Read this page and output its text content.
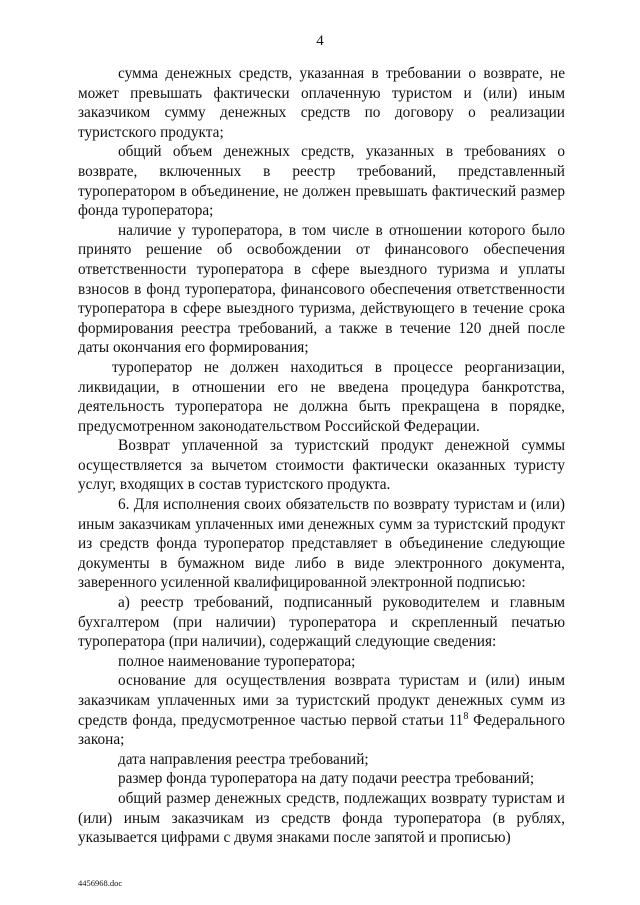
4

сумма денежных средств, указанная в требовании о возврате, не может превышать фактически оплаченную туристом и (или) иным заказчиком сумму денежных средств по договору о реализации туристского продукта;

общий объем денежных средств, указанных в требованиях о возврате, включенных в реестр требований, представленный туроператором в объединение, не должен превышать фактический размер фонда туроператора;

наличие у туроператора, в том числе в отношении которого было принято решение об освобождении от финансового обеспечения ответственности туроператора в сфере выездного туризма и уплаты взносов в фонд туроператора, финансового обеспечения ответственности туроператора в сфере выездного туризма, действующего в течение срока формирования реестра требований, а также в течение 120 дней после даты окончания его формирования;

туроператор не должен находиться в процессе реорганизации, ликвидации, в отношении его не введена процедура банкротства, деятельность туроператора не должна быть прекращена в порядке, предусмотренном законодательством Российской Федерации.

Возврат уплаченной за туристский продукт денежной суммы осуществляется за вычетом стоимости фактически оказанных туристу услуг, входящих в состав туристского продукта.

6. Для исполнения своих обязательств по возврату туристам и (или) иным заказчикам уплаченных ими денежных сумм за туристский продукт из средств фонда туроператор представляет в объединение следующие документы в бумажном виде либо в виде электронного документа, заверенного усиленной квалифицированной электронной подписью:

а) реестр требований, подписанный руководителем и главным бухгалтером (при наличии) туроператора и скрепленный печатью туроператора (при наличии), содержащий следующие сведения:

полное наименование туроператора;

основание для осуществления возврата туристам и (или) иным заказчикам уплаченных ими за туристский продукт денежных сумм из средств фонда, предусмотренное частью первой статьи $11^8$ Федерального закона;

дата направления реестра требований;

размер фонда туроператора на дату подачи реестра требований;

общий размер денежных средств, подлежащих возврату туристам и (или) иным заказчикам из средств фонда туроператора (в рублях, указывается цифрами с двумя знаками после запятой и прописью)

4456968.doc
